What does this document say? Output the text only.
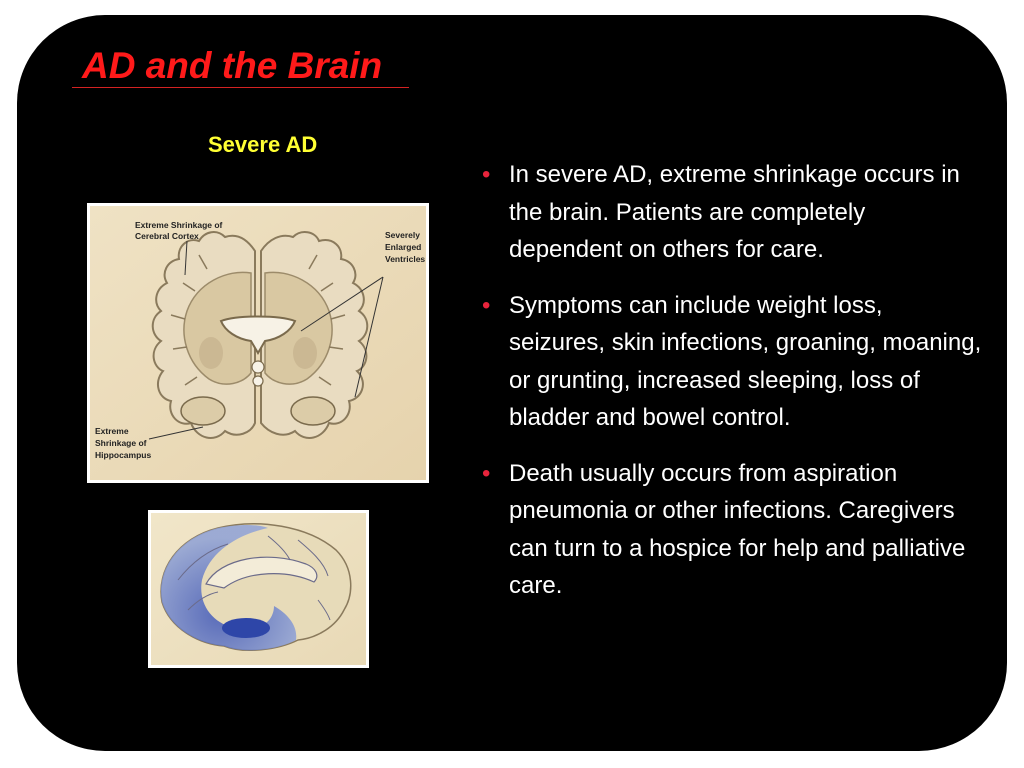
AD and the Brain
Severe AD
Extreme Shrinkage of
Cerebral Cortex	Severely
Enlarged
Ventricles
Extreme
Shrinkage of
Hippocampus
• In severe AD, extreme shrinkage occurs in the brain. Patients are completely dependent on others for care.
• Symptoms can include weight loss, seizures, skin infections, groaning, moaning, or grunting, increased sleeping, loss of bladder and bowel control.
• Death usually occurs from aspiration pneumonia or other infections. Caregivers can turn to a hospice for help and palliative care.
